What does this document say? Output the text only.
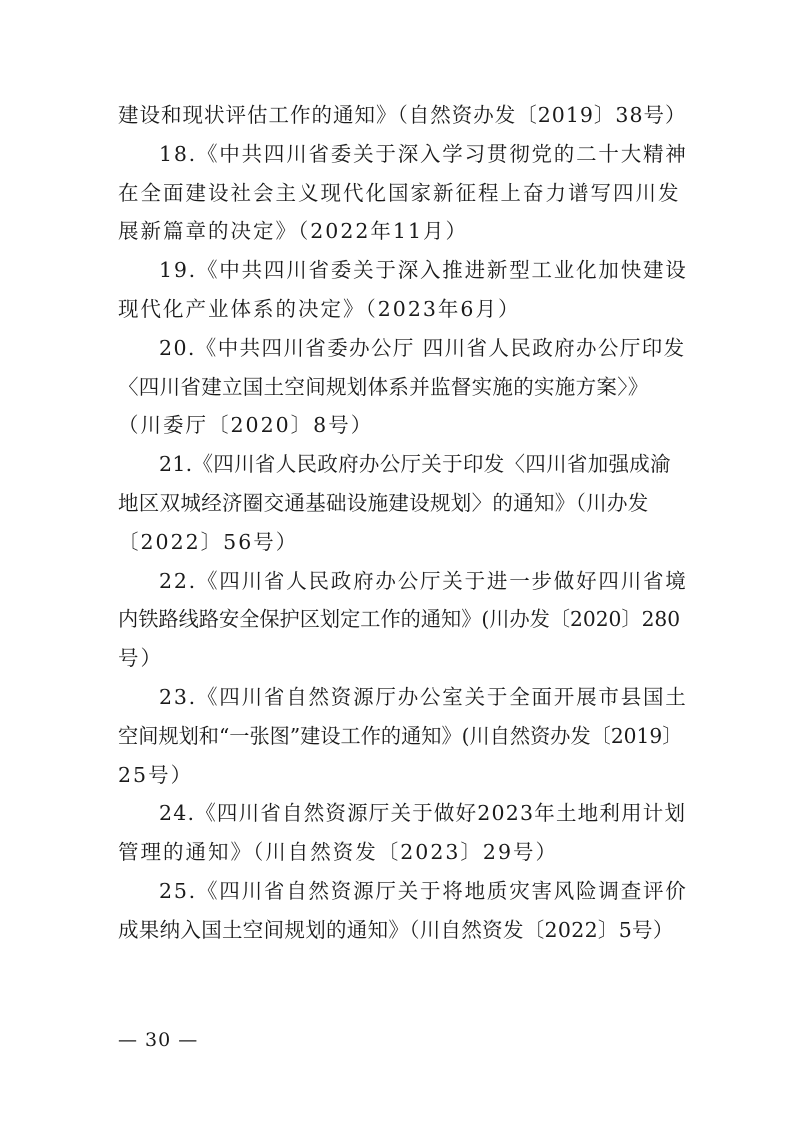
建设和现状评估工作的通知》（自然资办发〔2019〕38号）
18.《中共四川省委关于深入学习贯彻党的二十大精神
在全面建设社会主义现代化国家新征程上奋力谱写四川发
展新篇章的决定》（2022年11月）
19.《中共四川省委关于深入推进新型工业化加快建设
现代化产业体系的决定》（2023年6月）
20.《中共四川省委办公厅 四川省人民政府办公厅印发
〈四川省建立国土空间规划体系并监督实施的实施方案〉》
（川委厅〔2020〕8号）
21.《四川省人民政府办公厅关于印发〈四川省加强成渝
地区双城经济圈交通基础设施建设规划〉的通知》（川办发
〔2022〕56号）
22.《四川省人民政府办公厅关于进一步做好四川省境
内铁路线路安全保护区划定工作的通知》(川办发〔2020〕280
号）
23.《四川省自然资源厅办公室关于全面开展市县国土
空间规划和“一张图”建设工作的通知》(川自然资办发〔2019〕
25号）
24.《四川省自然资源厅关于做好2023年土地利用计划
管理的通知》（川自然资发〔2023〕29号）
25.《四川省自然资源厅关于将地质灾害风险调查评价
成果纳入国土空间规划的通知》（川自然资发〔2022〕5号）
— 30 —
